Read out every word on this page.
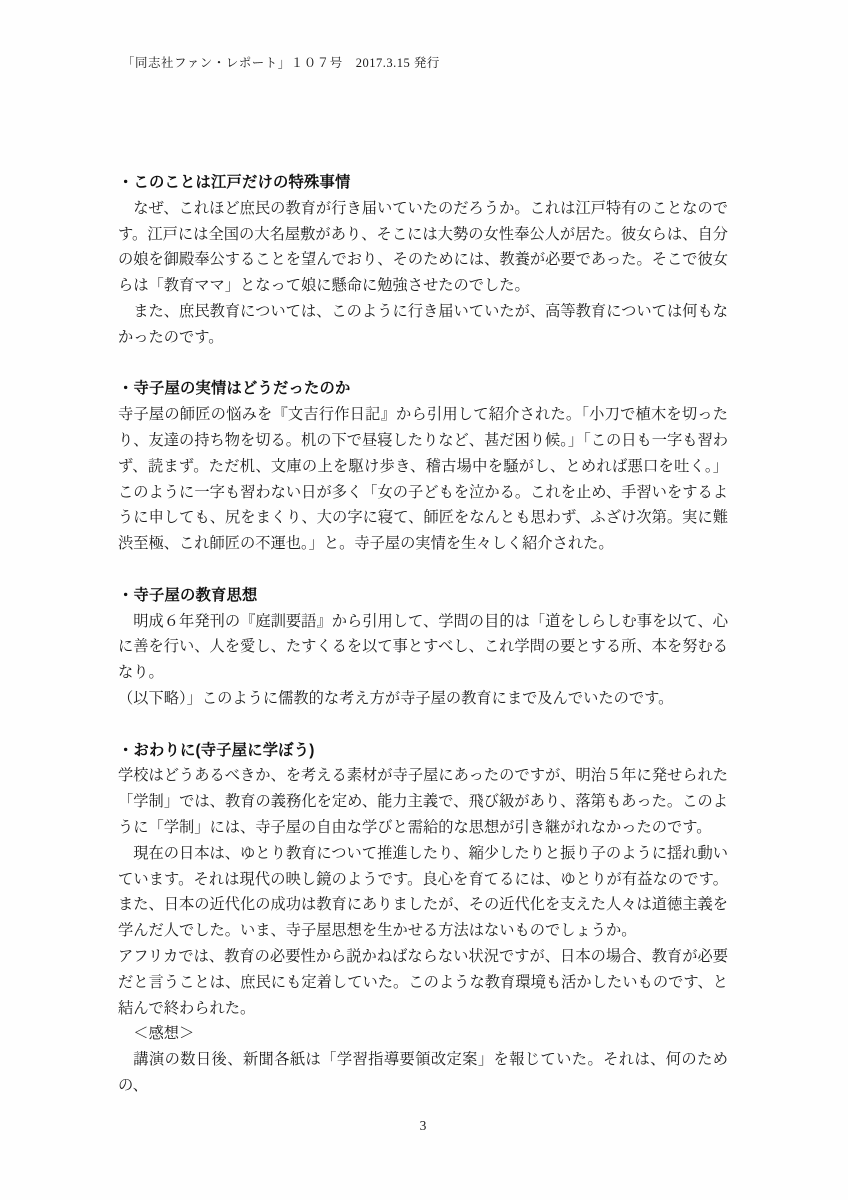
「同志社ファン・レポート」１０７号　2017.3.15 発行
・このことは江戸だけの特殊事情

なぜ、これほど庶民の教育が行き届いていたのだろうか。これは江戸特有のことなのです。江戸には全国の大名屋敷があり、そこには大勢の女性奉公人が居た。彼女らは、自分の娘を御殿奉公することを望んでおり、そのためには、教養が必要であった。そこで彼女らは「教育ママ」となって娘に懸命に勉強させたのでした。

また、庶民教育については、このように行き届いていたが、高等教育については何もなかったのです。

・寺子屋の実情はどうだったのか

寺子屋の師匠の悩みを『文吉行作日記』から引用して紹介された。「小刀で植木を切ったり、友達の持ち物を切る。机の下で昼寝したりなど、甚だ困り候。」「この日も一字も習わず、読まず。ただ机、文庫の上を駆け歩き、稽古場中を騒がし、とめれば悪口を吐く。」このように一字も習わない日が多く「女の子どもを泣かる。これを止め、手習いをするように申しても、尻をまくり、大の字に寝て、師匠をなんとも思わず、ふざけ次第。実に難渋至極、これ師匠の不運也。」と。寺子屋の実情を生々しく紹介された。

・寺子屋の教育思想

明成６年発刊の『庭訓要語』から引用して、学問の目的は「道をしらしむ事を以て、心に善を行い、人を愛し、たすくるを以て事とすべし、これ学問の要とする所、本を努むるなり。

（以下略）」このように儒教的な考え方が寺子屋の教育にまで及んでいたのです。

・おわりに(寺子屋に学ぼう)

学校はどうあるべきか、を考える素材が寺子屋にあったのですが、明治５年に発せられた「学制」では、教育の義務化を定め、能力主義で、飛び級があり、落第もあった。このように「学制」には、寺子屋の自由な学びと需給的な思想が引き継がれなかったのです。

現在の日本は、ゆとり教育について推進したり、縮少したりと振り子のように揺れ動いています。それは現代の映し鏡のようです。良心を育てるには、ゆとりが有益なのです。また、日本の近代化の成功は教育にありましたが、その近代化を支えた人々は道徳主義を学んだ人でした。いま、寺子屋思想を生かせる方法はないものでしょうか。

アフリカでは、教育の必要性から説かねばならない状況ですが、日本の場合、教育が必要だと言うことは、庶民にも定着していた。このような教育環境も活かしたいものです、と結んで終わられた。

＜感想＞

講演の数日後、新聞各紙は「学習指導要領改定案」を報じていた。それは、何のための、

3
